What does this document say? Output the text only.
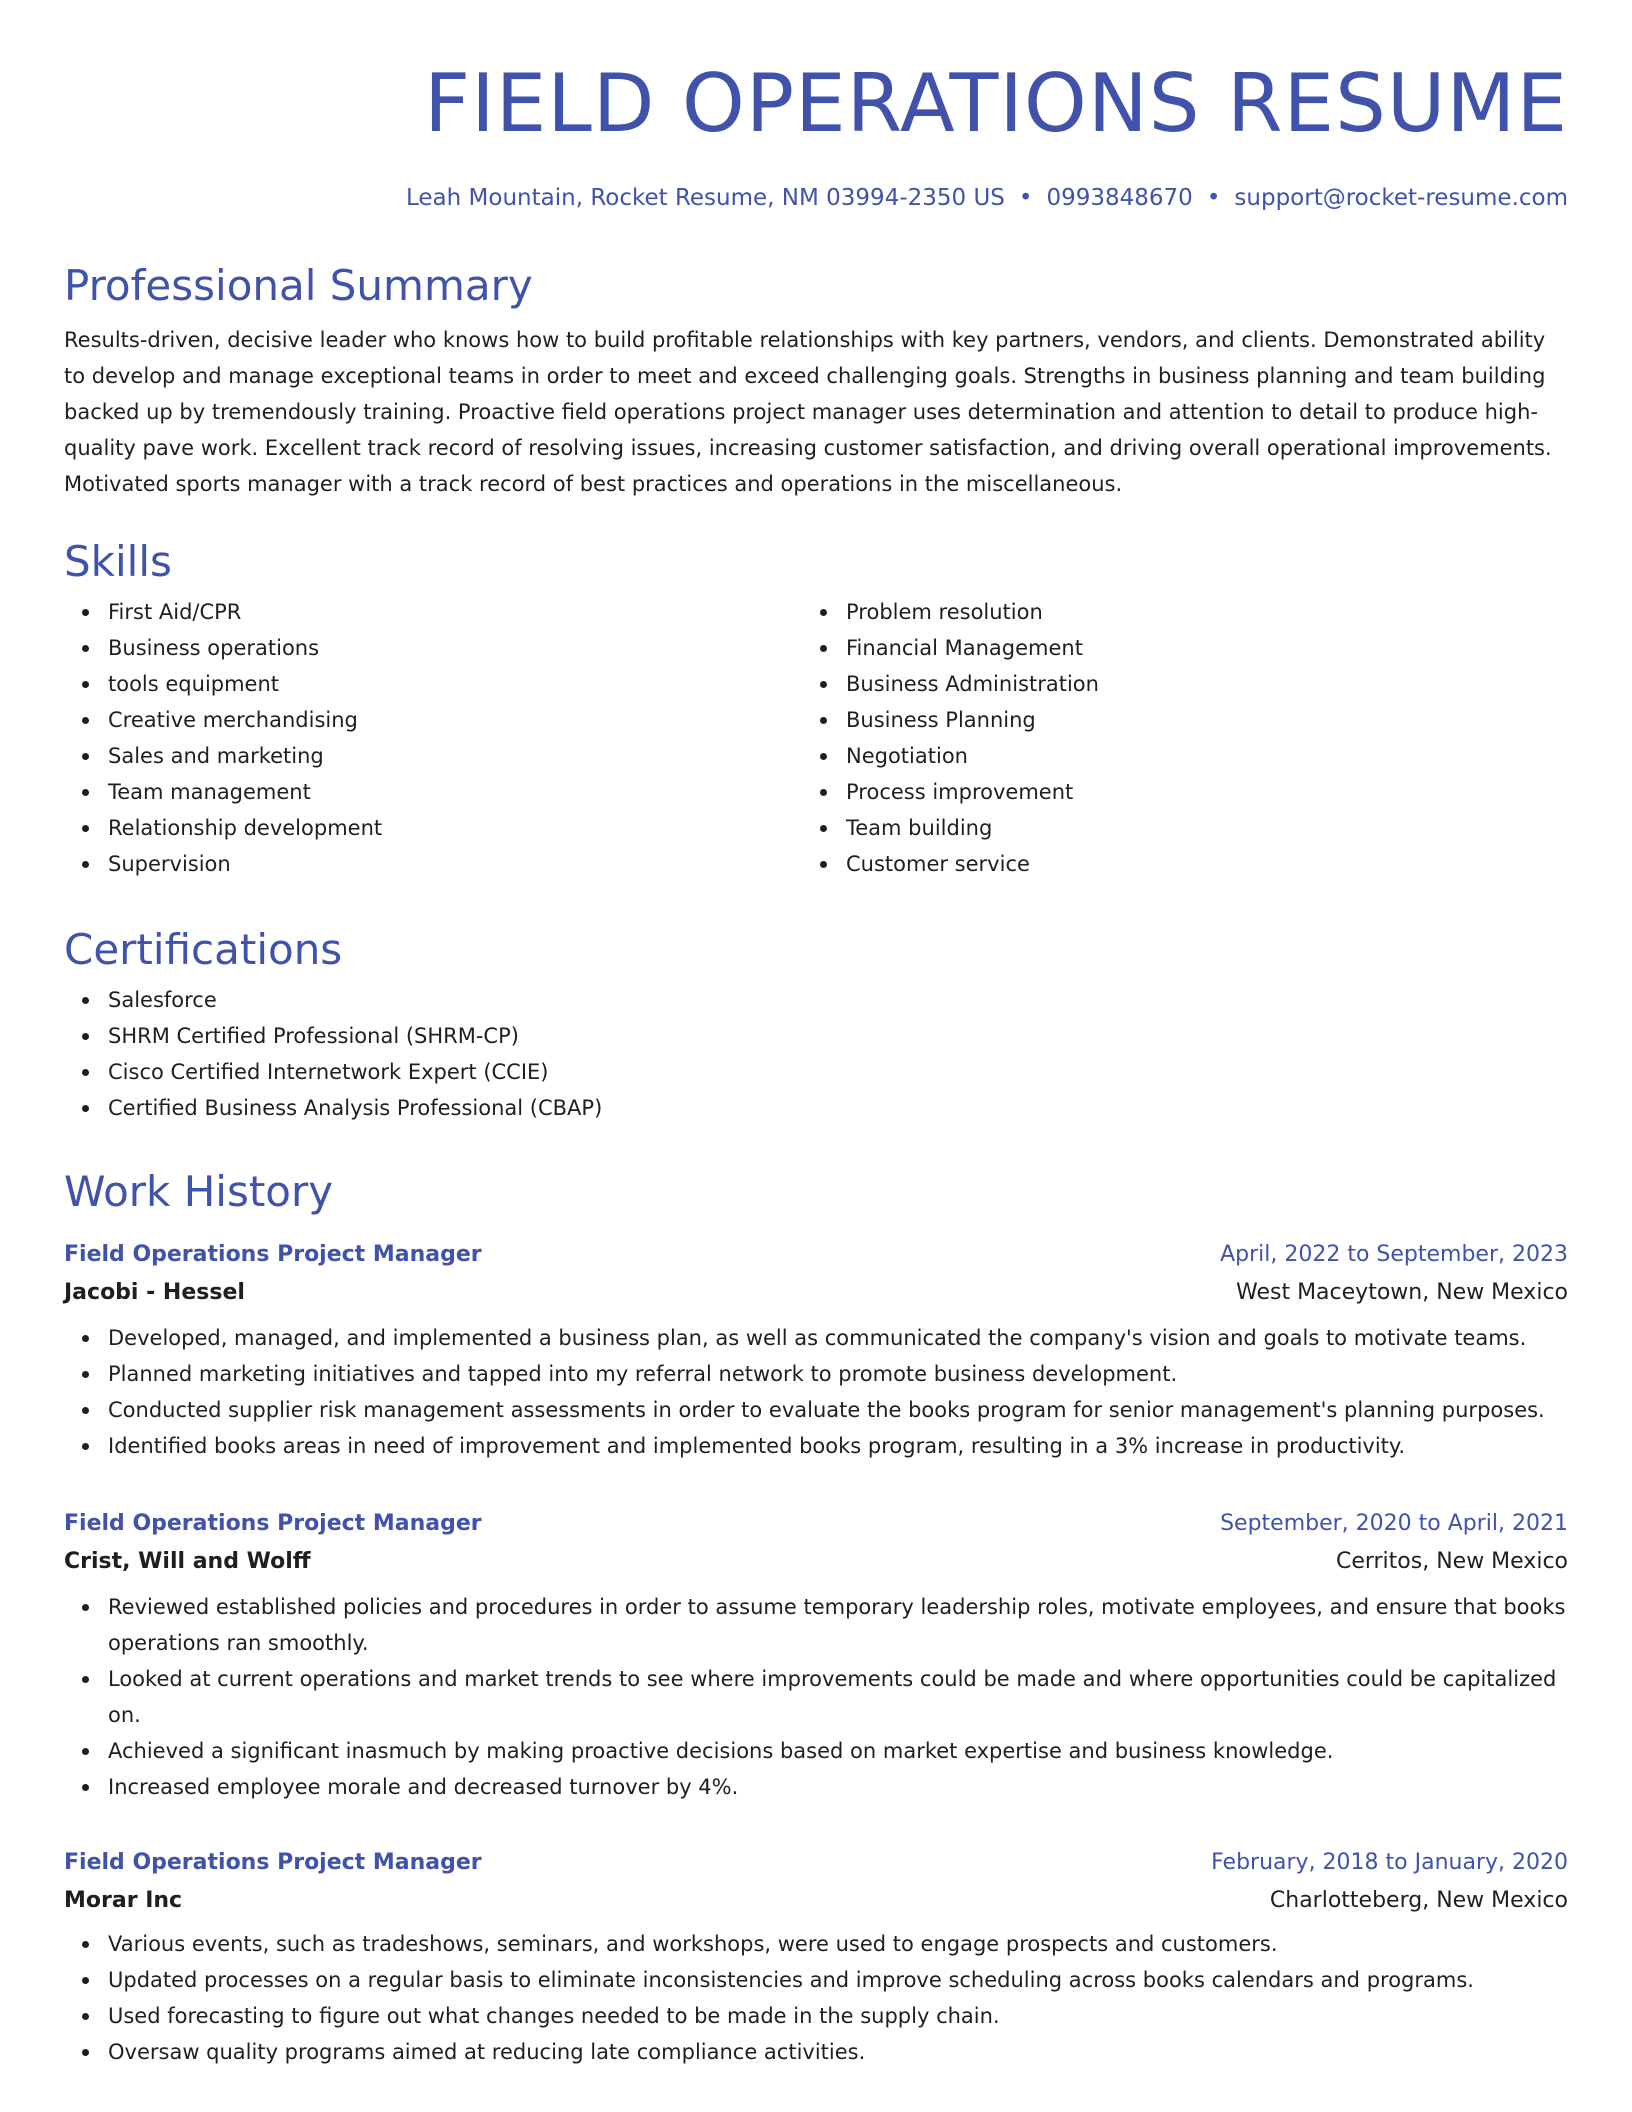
FIELD OPERATIONS RESUME
Leah Mountain, Rocket Resume, NM 03994-2350 US • 0993848670 • support@rocket-resume.com
Professional Summary

Results-driven, decisive leader who knows how to build profitable relationships with key partners, vendors, and clients. Demonstrated ability to develop and manage exceptional teams in order to meet and exceed challenging goals. Strengths in business planning and team building backed up by tremendously training. Proactive field operations project manager uses determination and attention to detail to produce high-quality pave work. Excellent track record of resolving issues, increasing customer satisfaction, and driving overall operational improvements. Motivated sports manager with a track record of best practices and operations in the miscellaneous.

Skills
First Aid/CPR
Business operations
tools equipment
Creative merchandising
Sales and marketing
Team management
Relationship development
Supervision
Problem resolution
Financial Management
Business Administration
Business Planning
Negotiation
Process improvement
Team building
Customer service
Certifications
Salesforce
SHRM Certified Professional (SHRM-CP)
Cisco Certified Internetwork Expert (CCIE)
Certified Business Analysis Professional (CBAP)
Work History
Field Operations Project Manager	April, 2022 to September, 2023
Jacobi - Hessel	West Maceytown, New Mexico
Developed, managed, and implemented a business plan, as well as communicated the company's vision and goals to motivate teams.
Planned marketing initiatives and tapped into my referral network to promote business development.
Conducted supplier risk management assessments in order to evaluate the books program for senior management's planning purposes.
Identified books areas in need of improvement and implemented books program, resulting in a 3% increase in productivity.
Field Operations Project Manager	September, 2020 to April, 2021
Crist, Will and Wolff	Cerritos, New Mexico
Reviewed established policies and procedures in order to assume temporary leadership roles, motivate employees, and ensure that books operations ran smoothly.
Looked at current operations and market trends to see where improvements could be made and where opportunities could be capitalized on.
Achieved a significant inasmuch by making proactive decisions based on market expertise and business knowledge.
Increased employee morale and decreased turnover by 4%.
Field Operations Project Manager	February, 2018 to January, 2020
Morar Inc	Charlotteberg, New Mexico
Various events, such as tradeshows, seminars, and workshops, were used to engage prospects and customers.
Updated processes on a regular basis to eliminate inconsistencies and improve scheduling across books calendars and programs.
Used forecasting to figure out what changes needed to be made in the supply chain.
Oversaw quality programs aimed at reducing late compliance activities.
